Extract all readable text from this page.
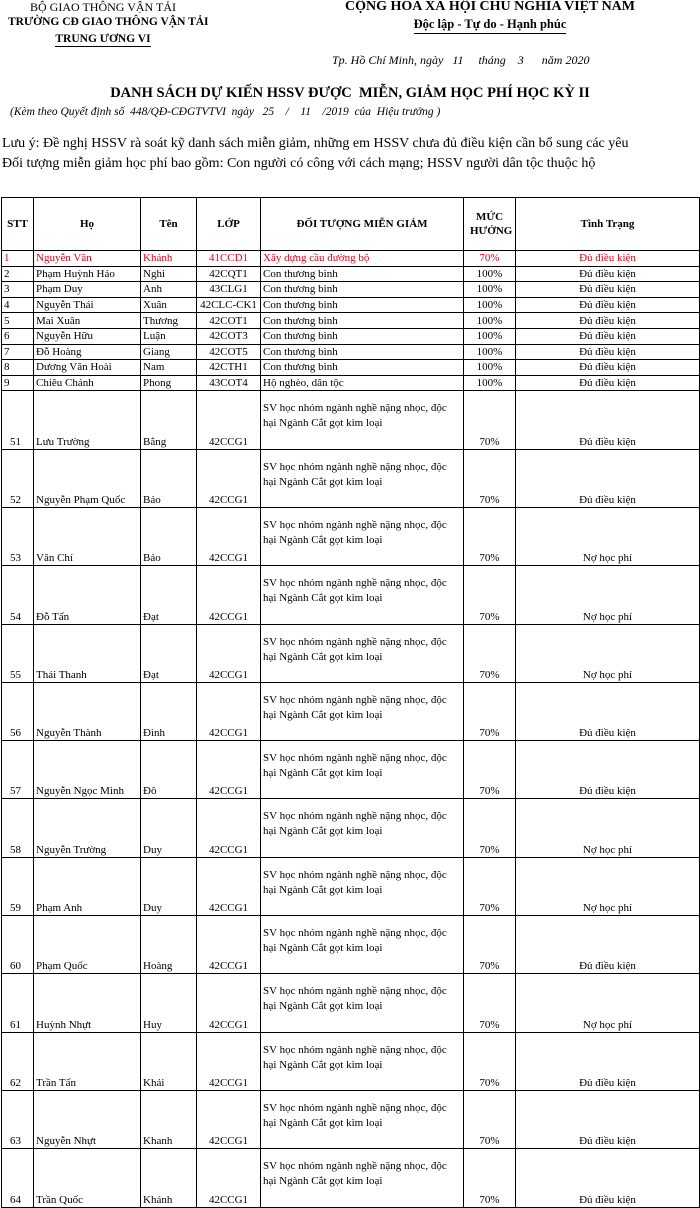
BỘ GIAO THÔNG VẬN TẢI
TRƯỜNG CĐ GIAO THÔNG VẬN TẢI
TRUNG ƯƠNG VI
CỘNG HÒA XÃ HỘI CHỦ NGHĨA VIỆT NAM
Độc lập - Tự do - Hạnh phúc
Tp. Hồ Chí Minh, ngày   11     tháng    3      năm 2020
DANH SÁCH DỰ KIẾN HSSV ĐƯỢC  MIỄN, GIẢM HỌC PHÍ HỌC KỲ II
(Kèm theo Quyết định số  448/QĐ-CĐGTVTVI  ngày   25    /    11    /2019  của  Hiệu trưởng )
Lưu ý: Đề nghị HSSV rà soát kỹ danh sách miễn giảm, những em HSSV chưa đủ điều kiện cần bổ sung các yêu
Đối tượng miễn giảm học phí bao gồm: Con người có công với cách mạng; HSSV người dân tộc thuộc hộ
STT	Họ	Tên	LỚP	ĐỐI TƯỢNG MIỄN GIẢM	MỨC HƯỞNG	Tình Trạng
1	Nguyễn Văn	Khánh	41CCD1	Xây dựng cầu đường bộ	70%	Đủ điều kiện
2	Phạm Huỳnh Hảo	Nghi	42CQT1	Con thương binh	100%	Đủ điều kiện
3	Phạm Duy	Anh	43CLG1	Con thương binh	100%	Đủ điều kiện
4	Nguyễn Thái	Xuân	42CLC-CK1	Con thương binh	100%	Đủ điều kiện
5	Mai Xuân	Thương	42COT1	Con thương binh	100%	Đủ điều kiện
6	Nguyễn Hữu	Luận	42COT3	Con thương binh	100%	Đủ điều kiện
7	Đỗ Hoàng	Giang	42COT5	Con thương binh	100%	Đủ điều kiện
8	Dương Văn Hoài	Nam	42CTH1	Con thương binh	100%	Đủ điều kiện
9	Chiêu Chánh	Phong	43COT4	Hộ nghèo, dân tộc	100%	Đủ điều kiện
51	Lưu Trường	Bằng	42CCG1	SV học nhóm ngành nghề nặng nhọc, độc hại Ngành Cắt gọt kim loại	70%	Đủ điều kiện
52	Nguyễn Phạm Quốc	Bảo	42CCG1	SV học nhóm ngành nghề nặng nhọc, độc hại Ngành Cắt gọt kim loại	70%	Đủ điều kiện
53	Văn Chí	Bảo	42CCG1	SV học nhóm ngành nghề nặng nhọc, độc hại Ngành Cắt gọt kim loại	70%	Nợ học phí
54	Đỗ Tấn	Đạt	42CCG1	SV học nhóm ngành nghề nặng nhọc, độc hại Ngành Cắt gọt kim loại	70%	Nợ học phí
55	Thái Thanh	Đạt	42CCG1	SV học nhóm ngành nghề nặng nhọc, độc hại Ngành Cắt gọt kim loại	70%	Nợ học phí
56	Nguyễn Thành	Đình	42CCG1	SV học nhóm ngành nghề nặng nhọc, độc hại Ngành Cắt gọt kim loại	70%	Đủ điều kiện
57	Nguyễn Ngọc Minh	Đô	42CCG1	SV học nhóm ngành nghề nặng nhọc, độc hại Ngành Cắt gọt kim loại	70%	Đủ điều kiện
58	Nguyễn Trường	Duy	42CCG1	SV học nhóm ngành nghề nặng nhọc, độc hại Ngành Cắt gọt kim loại	70%	Nợ học phí
59	Phạm Anh	Duy	42CCG1	SV học nhóm ngành nghề nặng nhọc, độc hại Ngành Cắt gọt kim loại	70%	Nợ học phí
60	Phạm Quốc	Hoàng	42CCG1	SV học nhóm ngành nghề nặng nhọc, độc hại Ngành Cắt gọt kim loại	70%	Đủ điều kiện
61	Huỳnh Nhựt	Huy	42CCG1	SV học nhóm ngành nghề nặng nhọc, độc hại Ngành Cắt gọt kim loại	70%	Nợ học phí
62	Trần Tấn	Khải	42CCG1	SV học nhóm ngành nghề nặng nhọc, độc hại Ngành Cắt gọt kim loại	70%	Đủ điều kiện
63	Nguyễn Nhựt	Khanh	42CCG1	SV học nhóm ngành nghề nặng nhọc, độc hại Ngành Cắt gọt kim loại	70%	Đủ điều kiện
64	Trần Quốc	Khánh	42CCG1	SV học nhóm ngành nghề nặng nhọc, độc hại Ngành Cắt gọt kim loại	70%	Đủ điều kiện
